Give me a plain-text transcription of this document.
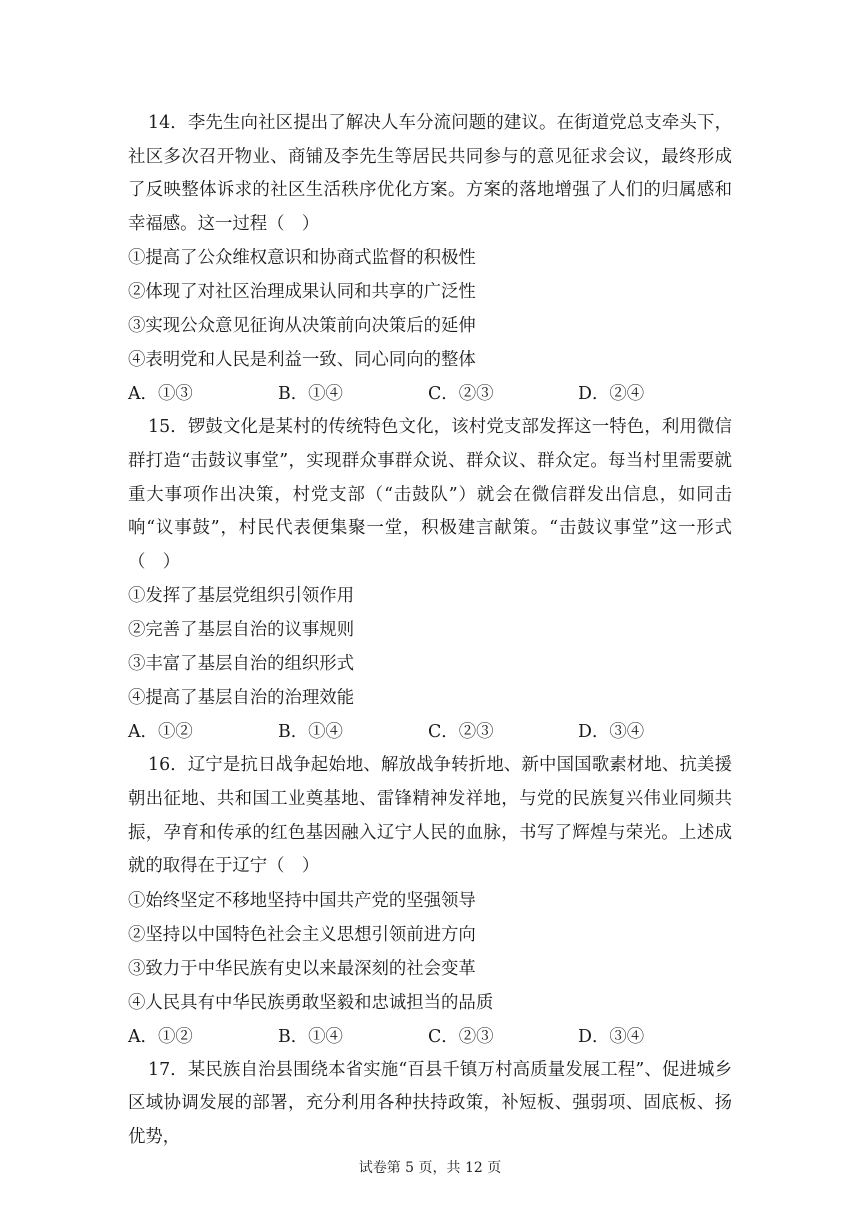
14．李先生向社区提出了解决人车分流问题的建议。在街道党总支牵头下，社区多次召开物业、商铺及李先生等居民共同参与的意见征求会议，最终形成了反映整体诉求的社区生活秩序优化方案。方案的落地增强了人们的归属感和幸福感。这一过程（　）

①提高了公众维权意识和协商式监督的积极性

②体现了对社区治理成果认同和共享的广泛性

③实现公众意见征询从决策前向决策后的延伸

④表明党和人民是利益一致、同心同向的整体

A．①③	B．①④	C．②③	D．②④

15．锣鼓文化是某村的传统特色文化，该村党支部发挥这一特色，利用微信群打造“击鼓议事堂”，实现群众事群众说、群众议、群众定。每当村里需要就重大事项作出决策，村党支部（“击鼓队”）就会在微信群发出信息，如同击响“议事鼓”，村民代表便集聚一堂，积极建言献策。“击鼓议事堂”这一形式（　）

①发挥了基层党组织引领作用

②完善了基层自治的议事规则

③丰富了基层自治的组织形式

④提高了基层自治的治理效能

A．①②	B．①④	C．②③	D．③④

16．辽宁是抗日战争起始地、解放战争转折地、新中国国歌素材地、抗美援朝出征地、共和国工业奠基地、雷锋精神发祥地，与党的民族复兴伟业同频共振，孕育和传承的红色基因融入辽宁人民的血脉，书写了辉煌与荣光。上述成就的取得在于辽宁（　）

①始终坚定不移地坚持中国共产党的坚强领导

②坚持以中国特色社会主义思想引领前进方向

③致力于中华民族有史以来最深刻的社会变革

④人民具有中华民族勇敢坚毅和忠诚担当的品质

A．①②	B．①④	C．②③	D．③④

17．某民族自治县围绕本省实施“百县千镇万村高质量发展工程”、促进城乡区域协调发展的部署，充分利用各种扶持政策，补短板、强弱项、固底板、扬优势，

试卷第 5 页，共 12 页
